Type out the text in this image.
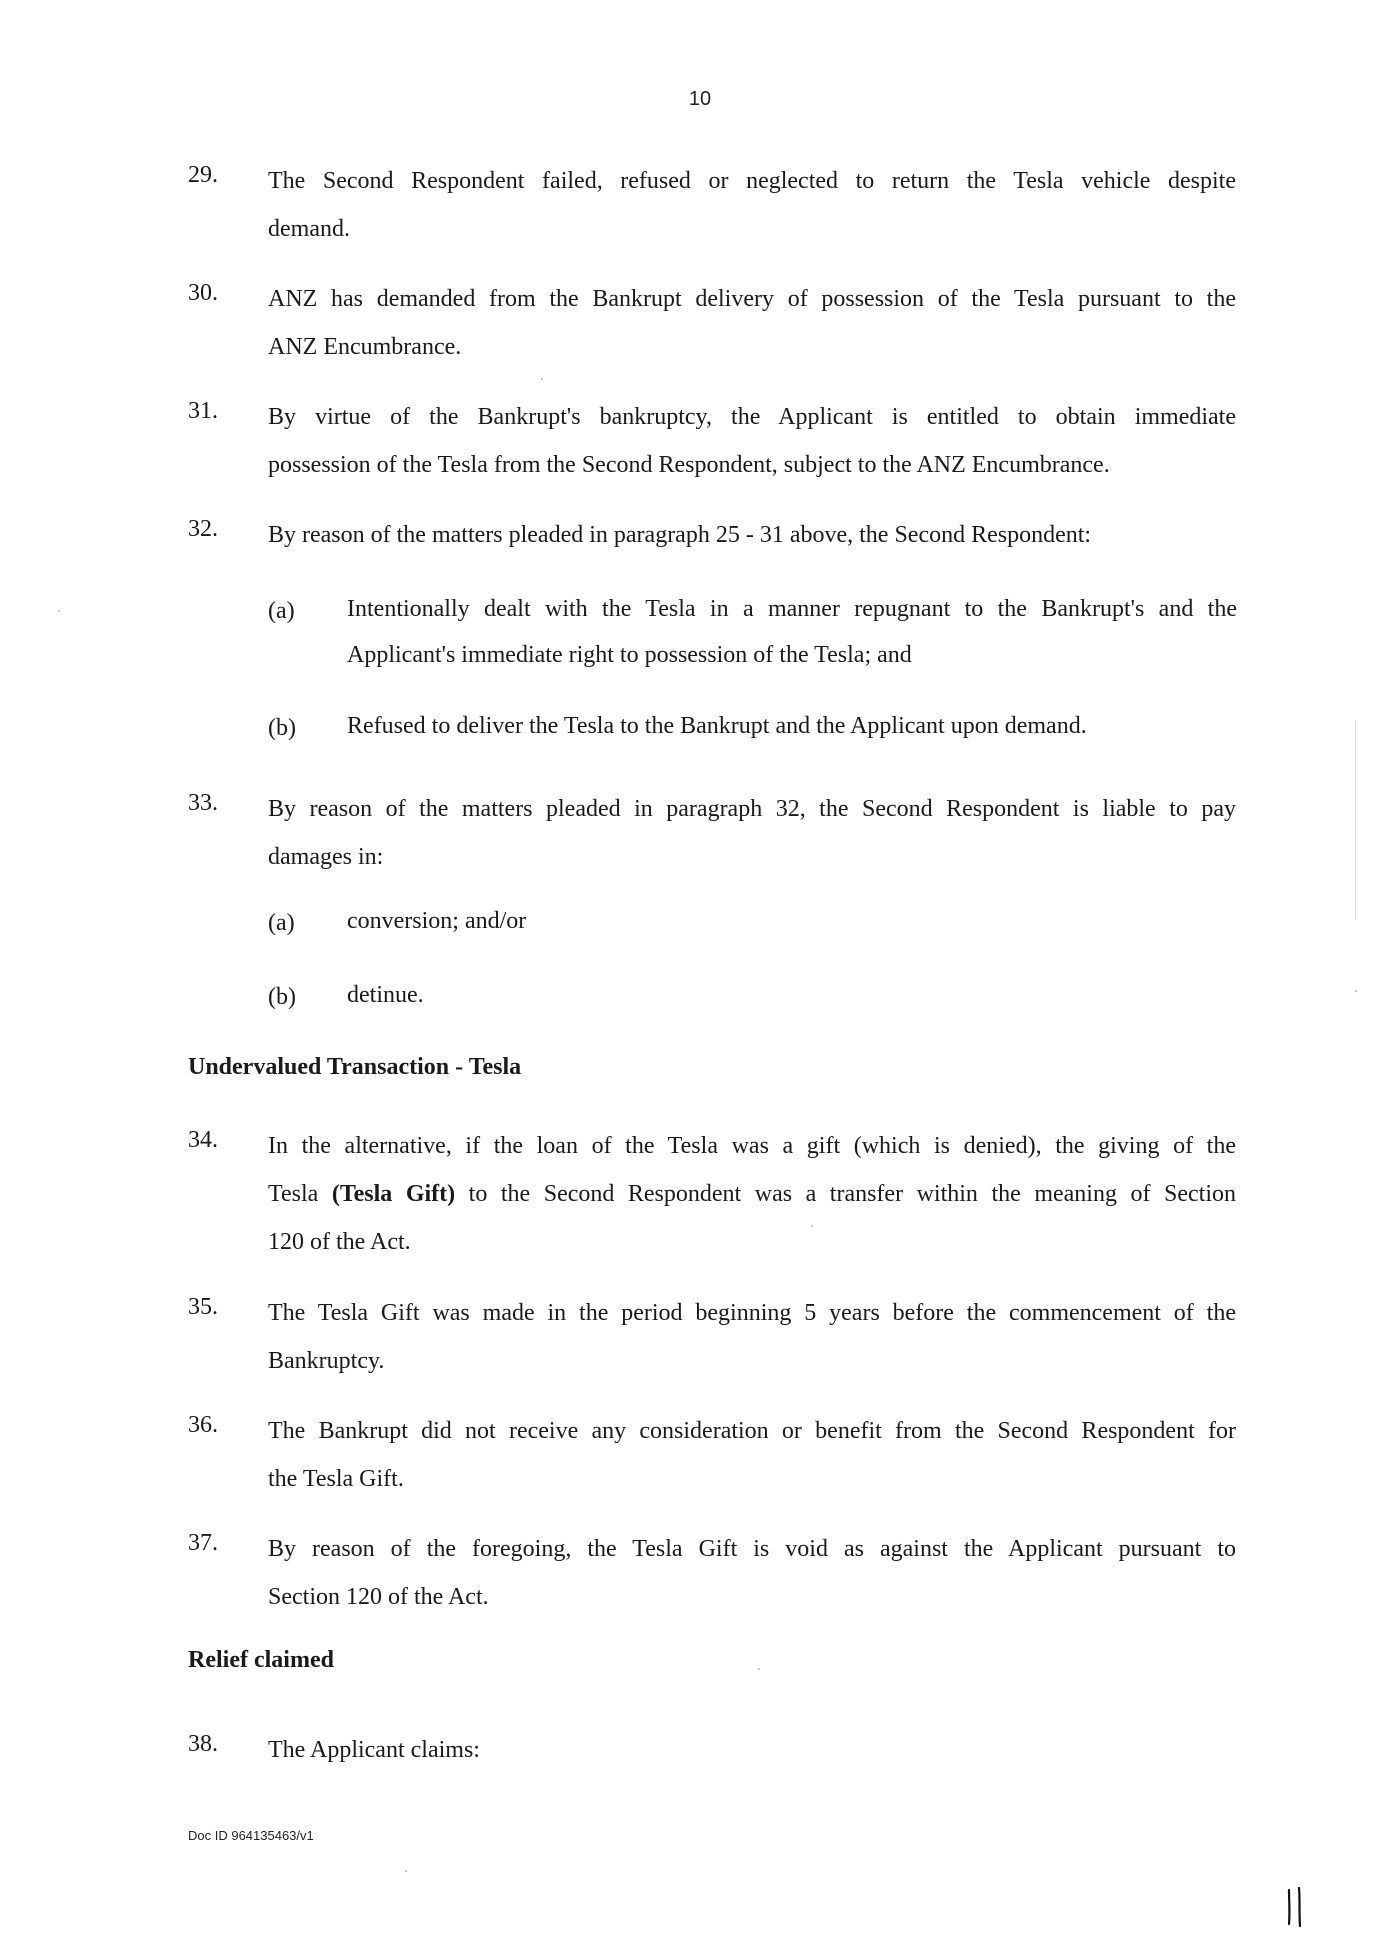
10
29. The Second Respondent failed, refused or neglected to return the Tesla vehicle despite
demand.
30. ANZ has demanded from the Bankrupt delivery of possession of the Tesla pursuant to the
ANZ Encumbrance.
31. By virtue of the Bankrupt's bankruptcy, the Applicant is entitled to obtain immediate
possession of the Tesla from the Second Respondent, subject to the ANZ Encumbrance.
32. By reason of the matters pleaded in paragraph 25 - 31 above, the Second Respondent:
(a) Intentionally dealt with the Tesla in a manner repugnant to the Bankrupt's and the
Applicant's immediate right to possession of the Tesla; and
(b) Refused to deliver the Tesla to the Bankrupt and the Applicant upon demand.
33. By reason of the matters pleaded in paragraph 32, the Second Respondent is liable to pay
damages in:
(a) conversion; and/or
(b) detinue.
Undervalued Transaction - Tesla
34. In the alternative, if the loan of the Tesla was a gift (which is denied), the giving of the
Tesla (Tesla Gift) to the Second Respondent was a transfer within the meaning of Section
120 of the Act.
35. The Tesla Gift was made in the period beginning 5 years before the commencement of the
Bankruptcy.
36. The Bankrupt did not receive any consideration or benefit from the Second Respondent for
the Tesla Gift.
37. By reason of the foregoing, the Tesla Gift is void as against the Applicant pursuant to
Section 120 of the Act.
Relief claimed
38. The Applicant claims:
Doc ID 964135463/v1
